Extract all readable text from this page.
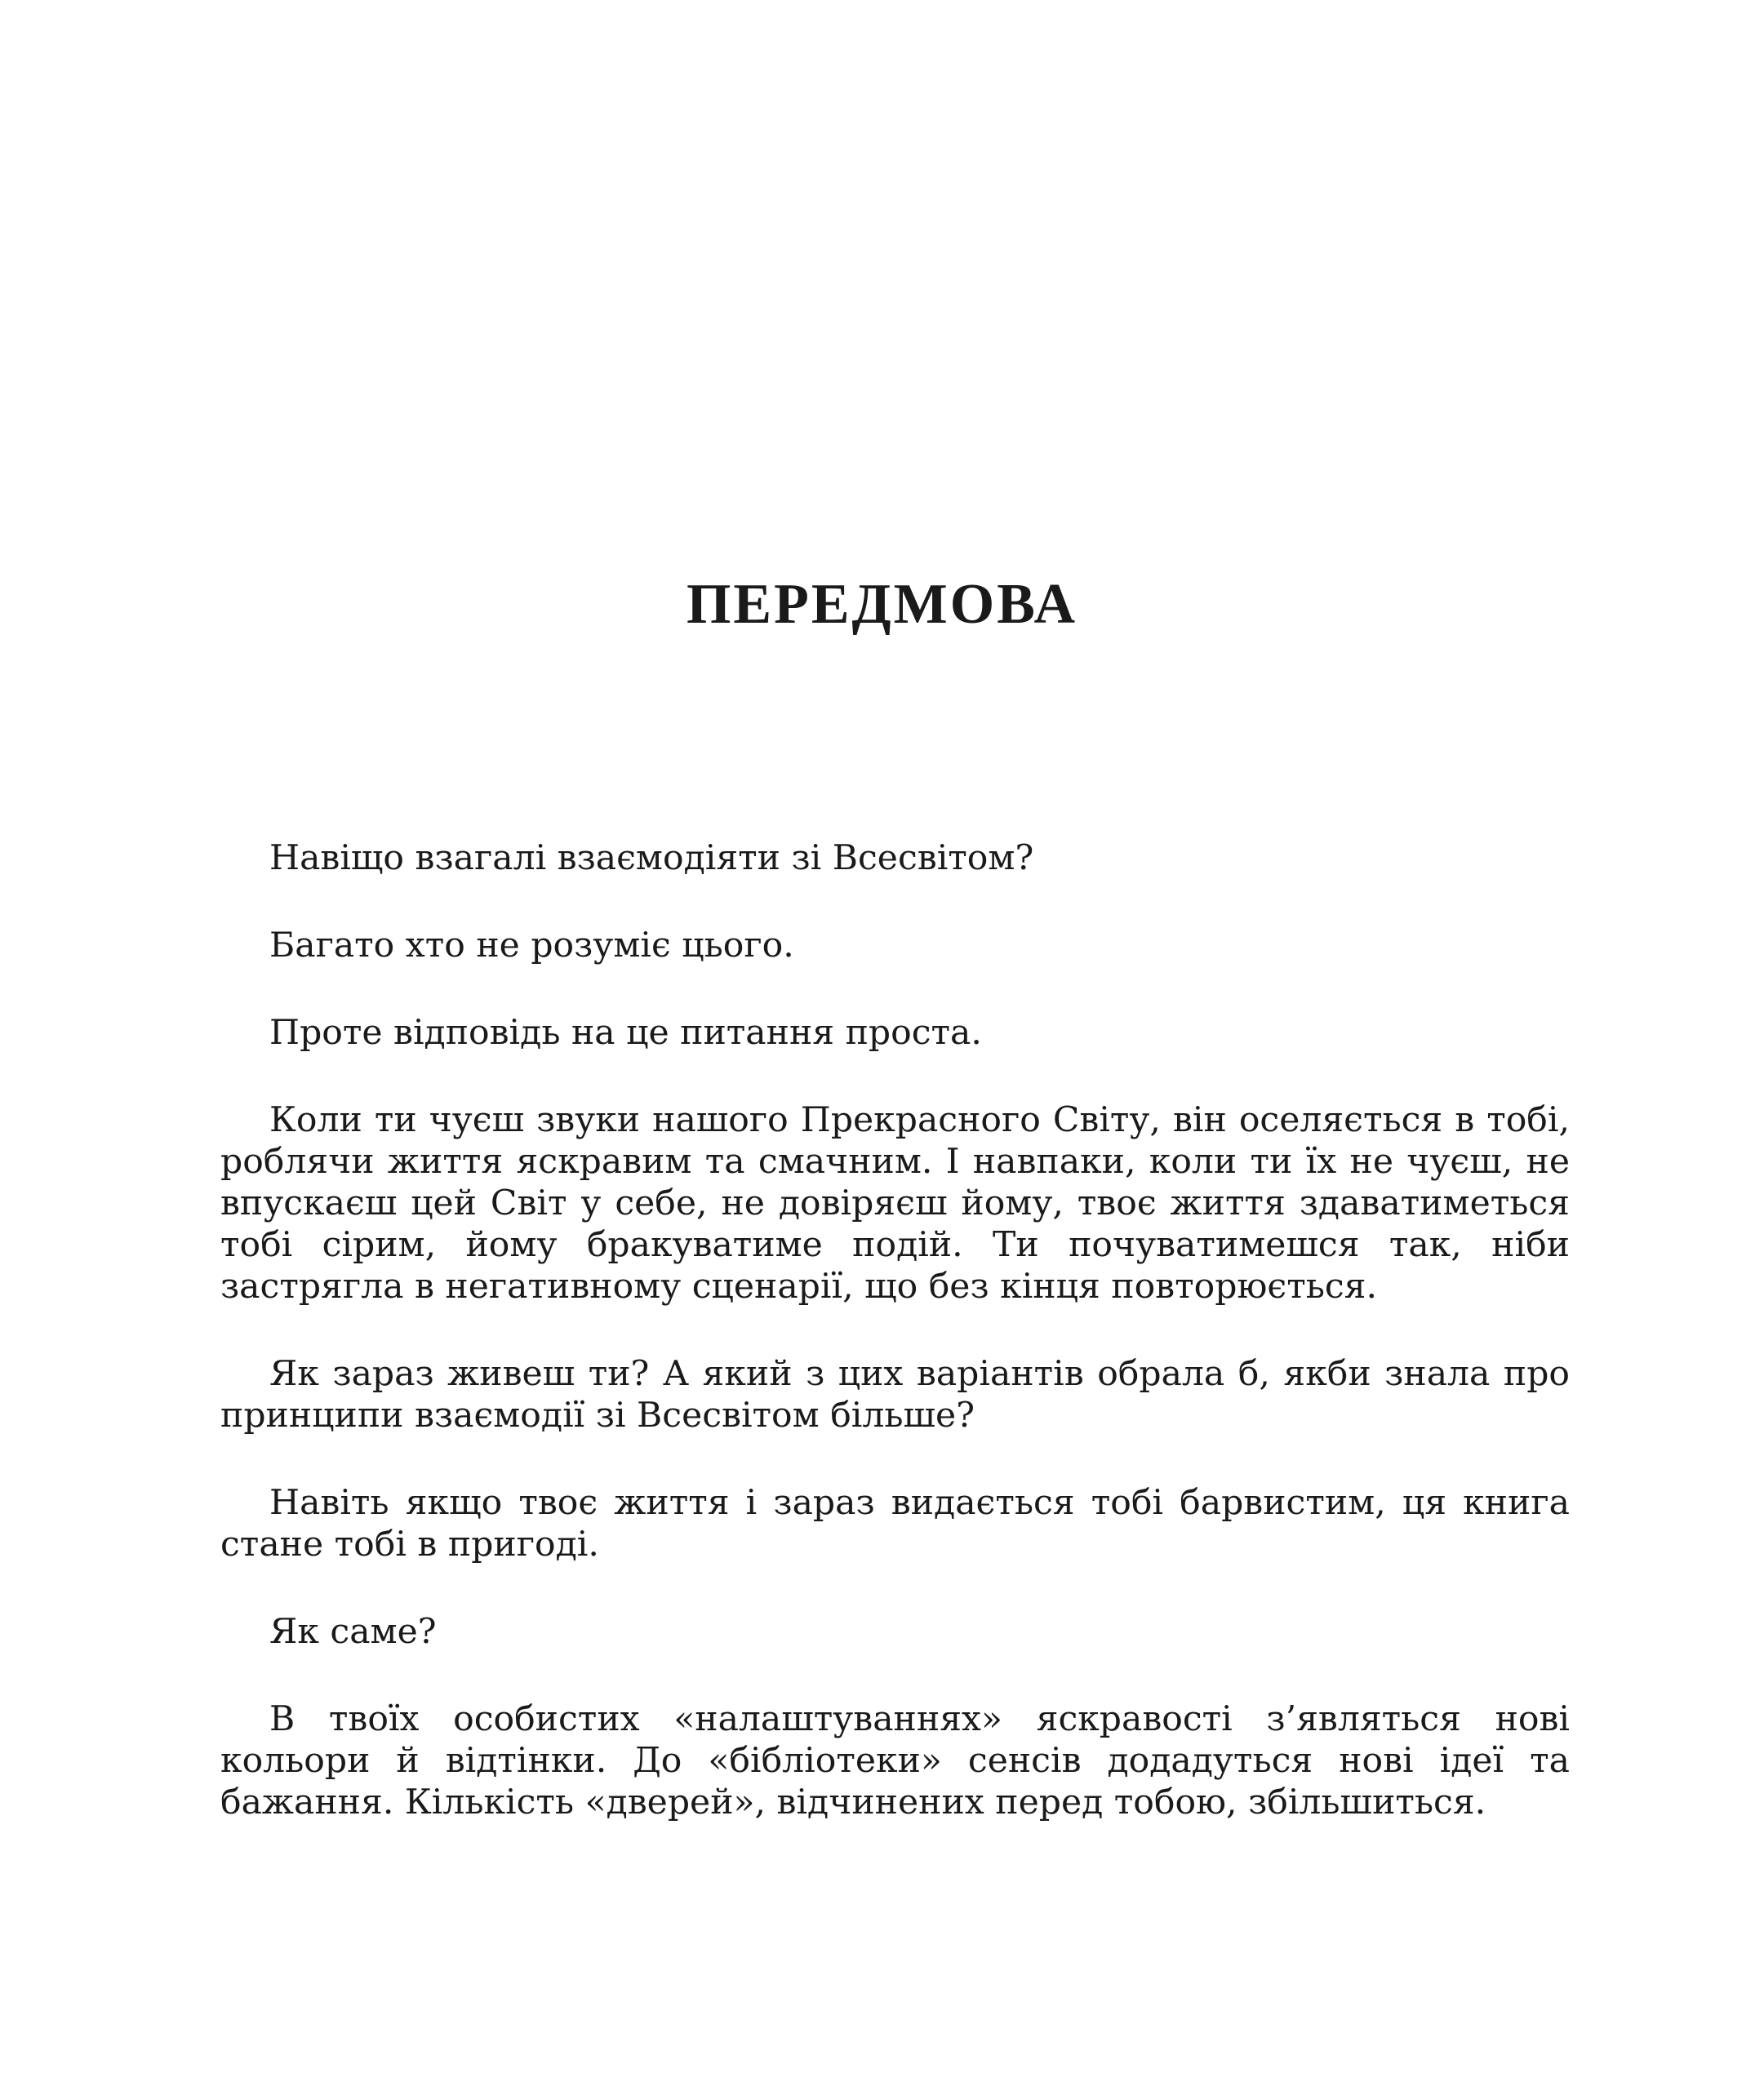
ПЕРЕДМОВА

Навіщо взагалі взаємодіяти зі Всесвітом?

Багато хто не розуміє цього.

Проте відповідь на це питання проста.

Коли ти чуєш звуки нашого Прекрасного Світу, він оселяється в тобі, роблячи життя яскравим та смачним. І навпаки, коли ти їх не чуєш, не впускаєш цей Світ у себе, не довіряєш йому, твоє життя здаватиметься тобі сірим, йому бракуватиме подій. Ти почуватимешся так, ніби застрягла в негативному сценарії, що без кінця повторюється.

Як зараз живеш ти? А який з цих варіантів обрала б, якби знала про принципи взаємодії зі Всесвітом більше?

Навіть якщо твоє життя і зараз видається тобі барвистим, ця книга стане тобі в пригоді.

Як саме?

В твоїх особистих «налаштуваннях» яскравості з’являться нові кольори й відтінки. До «бібліотеки» сенсів додадуться нові ідеї та бажання. Кількість «дверей», відчинених перед тобою, збільшиться.
